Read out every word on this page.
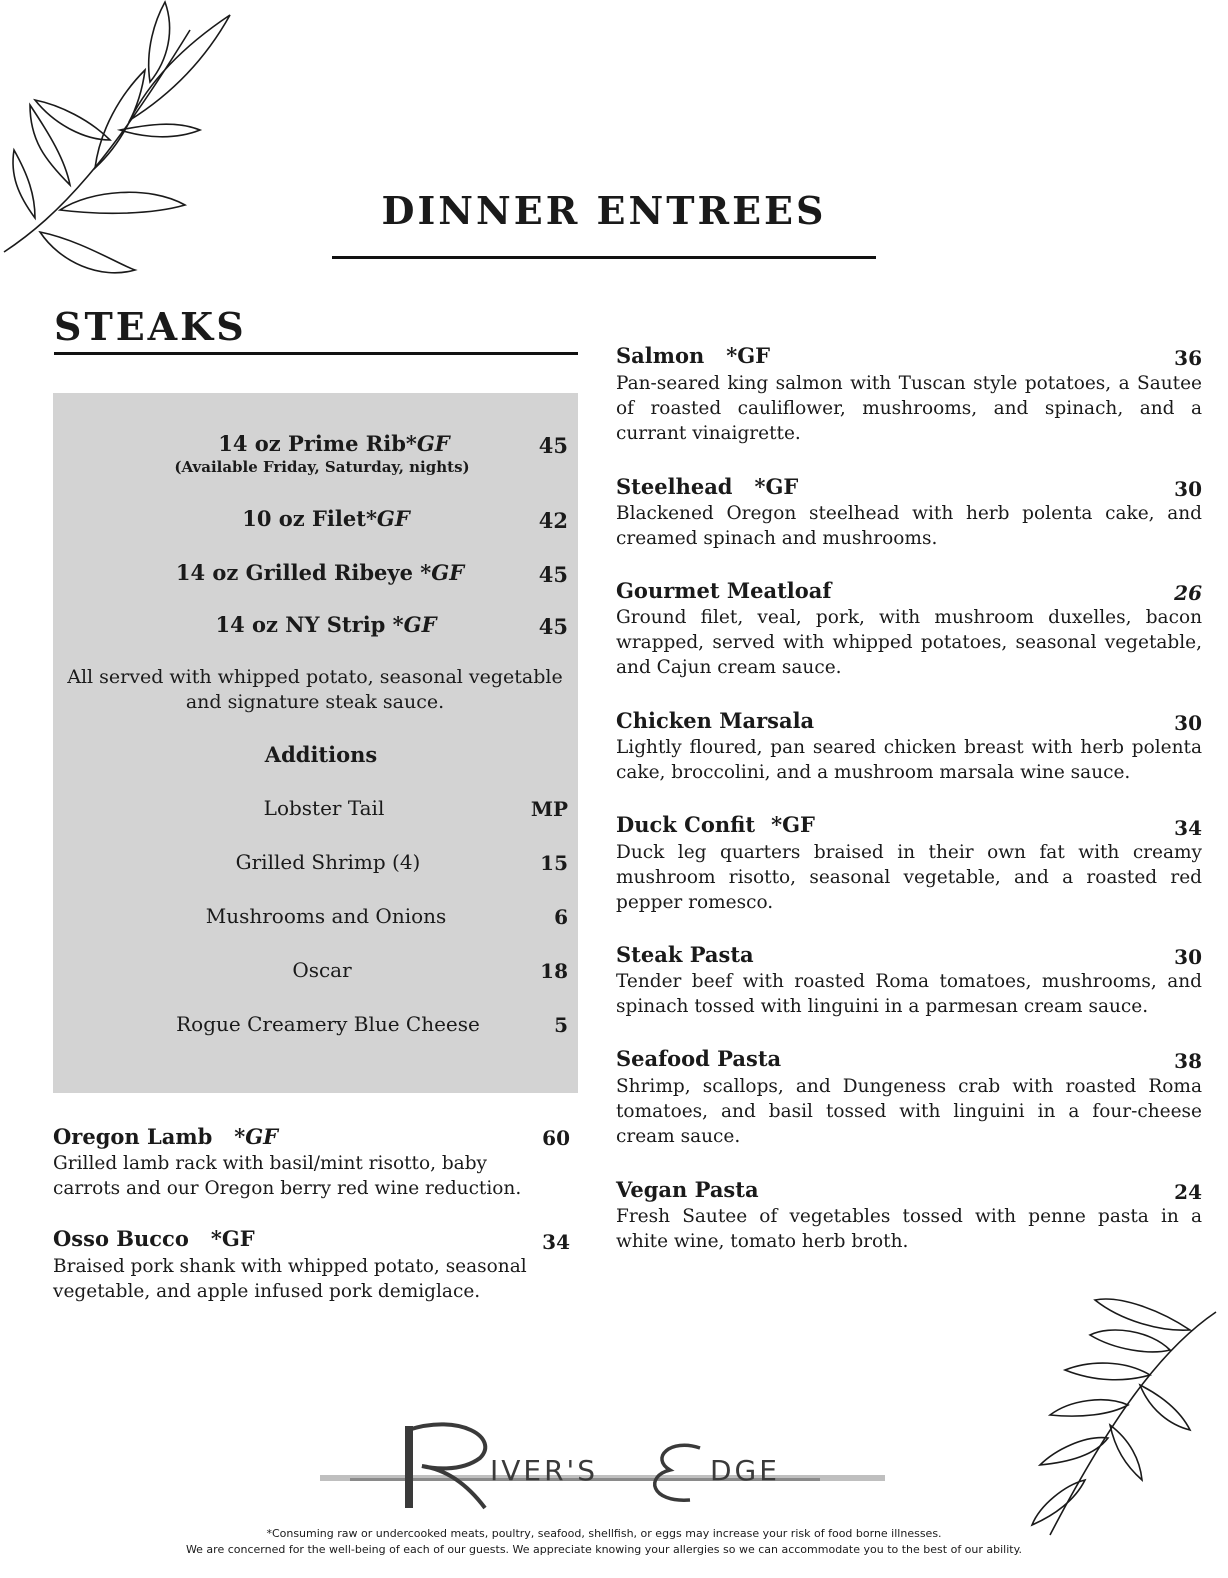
DINNER ENTREES
STEAKS
14 oz Prime Rib*GF	45
(Available Friday, Saturday, nights)
10 oz Filet*GF	42
14 oz Grilled Ribeye *GF	45
14 oz NY Strip *GF	45
All served with whipped potato, seasonal vegetable and signature steak sauce.
Additions
Lobster Tail	MP
Grilled Shrimp (4)	15
Mushrooms and Onions	6
Oscar	18
Rogue Creamery Blue Cheese	5
Oregon Lamb *GF	60
Grilled lamb rack with basil/mint risotto, baby carrots and our Oregon berry red wine reduction.
Osso Bucco *GF	34
Braised pork shank with whipped potato, seasonal vegetable, and apple infused pork demiglace.
Salmon *GF	36
Pan-seared king salmon with Tuscan style potatoes, a Sautee of roasted cauliflower, mushrooms, and spinach, and a currant vinaigrette.
Steelhead *GF	30
Blackened Oregon steelhead with herb polenta cake, and creamed spinach and mushrooms.
Gourmet Meatloaf	26
Ground filet, veal, pork, with mushroom duxelles, bacon wrapped, served with whipped potatoes, seasonal vegetable, and Cajun cream sauce.
Chicken Marsala	30
Lightly floured, pan seared chicken breast with herb polenta cake, broccolini, and a mushroom marsala wine sauce.
Duck Confit *GF	34
Duck leg quarters braised in their own fat with creamy mushroom risotto, seasonal vegetable, and a roasted red pepper romesco.
Steak Pasta	30
Tender beef with roasted Roma tomatoes, mushrooms, and spinach tossed with linguini in a parmesan cream sauce.
Seafood Pasta	38
Shrimp, scallops, and Dungeness crab with roasted Roma tomatoes, and basil tossed with linguini in a four-cheese cream sauce.
Vegan Pasta	24
Fresh Sautee of vegetables tossed with penne pasta in a white wine, tomato herb broth.
IVER'S	DGE
*Consuming raw or undercooked meats, poultry, seafood, shellfish, or eggs may increase your risk of food borne illnesses.
We are concerned for the well-being of each of our guests. We appreciate knowing your allergies so we can accommodate you to the best of our ability.
